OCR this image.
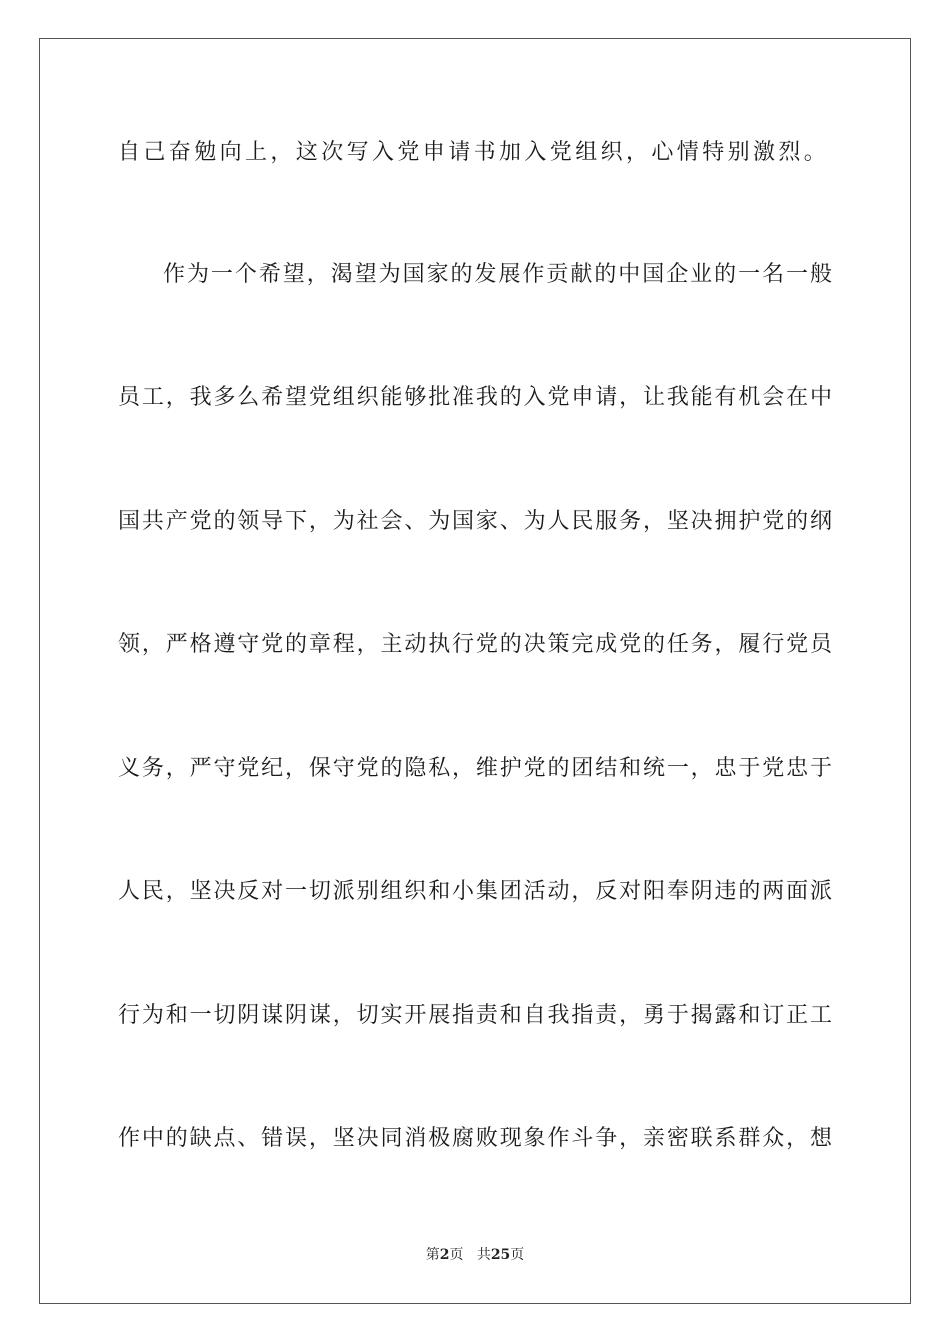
自己奋勉向上，这次写入党申请书加入党组织，心情特别激烈。
作为一个希望，渴望为国家的发展作贡献的中国企业的一名一般
员工，我多么希望党组织能够批准我的入党申请，让我能有机会在中
国共产党的领导下，为社会、为国家、为人民服务，坚决拥护党的纲
领，严格遵守党的章程，主动执行党的决策完成党的任务，履行党员
义务，严守党纪，保守党的隐私，维护党的团结和统一，忠于党忠于
人民，坚决反对一切派别组织和小集团活动，反对阳奉阴违的两面派
行为和一切阴谋阴谋，切实开展指责和自我指责，勇于揭露和订正工
作中的缺点、错误，坚决同消极腐败现象作斗争，亲密联系群众，想
第2页 共25页
